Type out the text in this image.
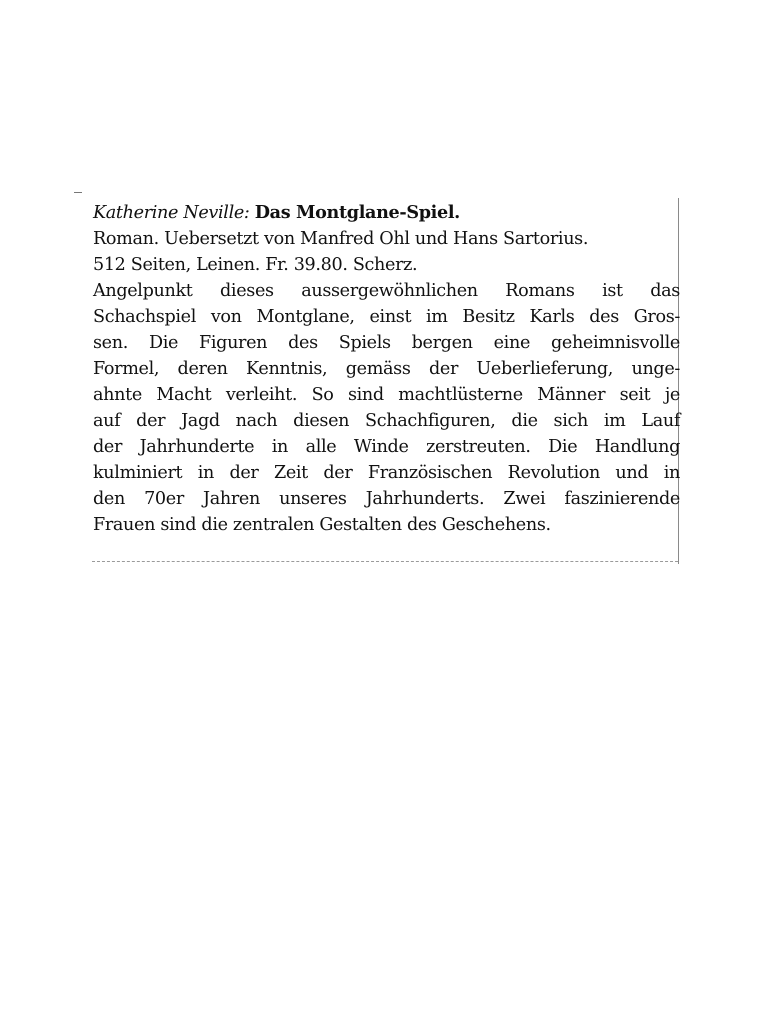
Katherine Neville: Das Montglane-Spiel.
Roman. Uebersetzt von Manfred Ohl und Hans Sartorius.
512 Seiten, Leinen. Fr. 39.80. Scherz.
Angelpunkt dieses aussergewöhnlichen Romans ist das
Schachspiel von Montglane, einst im Besitz Karls des Gros-
sen. Die Figuren des Spiels bergen eine geheimnisvolle
Formel, deren Kenntnis, gemäss der Ueberlieferung, unge-
ahnte Macht verleiht. So sind machtlüsterne Männer seit je
auf der Jagd nach diesen Schachfiguren, die sich im Lauf
der Jahrhunderte in alle Winde zerstreuten. Die Handlung
kulminiert in der Zeit der Französischen Revolution und in
den 70er Jahren unseres Jahrhunderts. Zwei faszinierende
Frauen sind die zentralen Gestalten des Geschehens.
